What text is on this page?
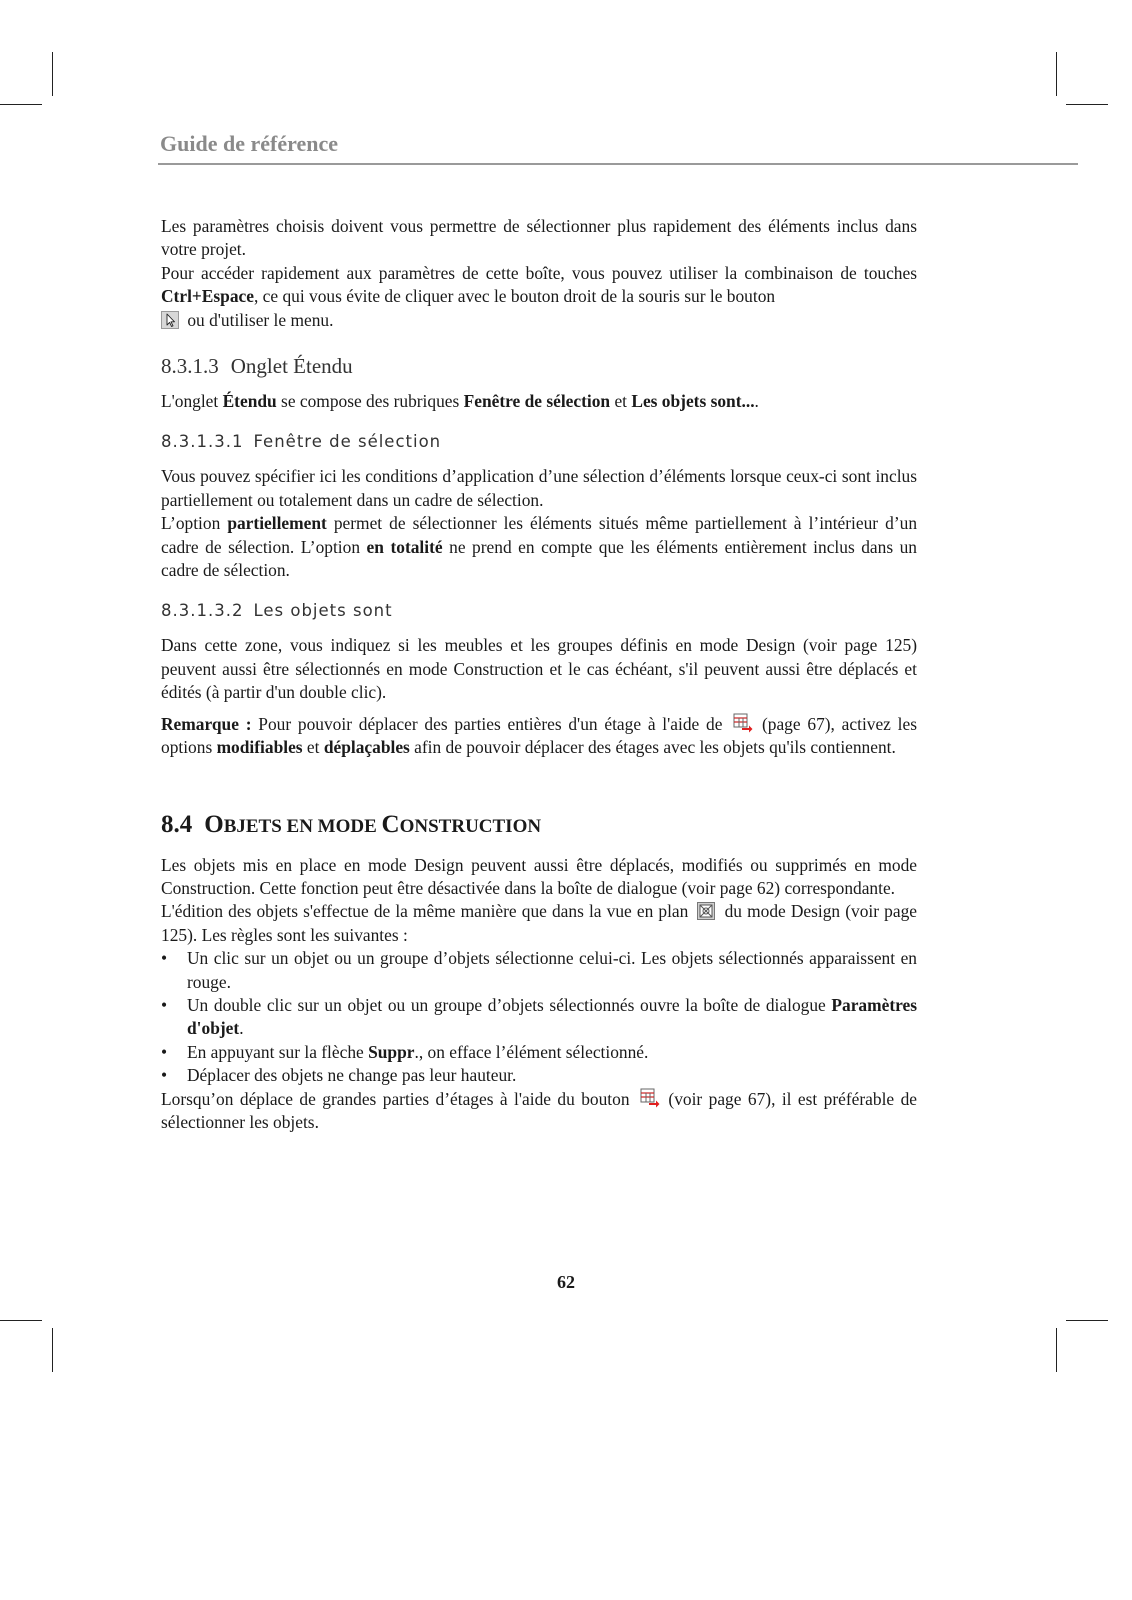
Guide de référence

Les paramètres choisis doivent vous permettre de sélectionner plus rapidement des éléments inclus dans votre projet.

Pour accéder rapidement aux paramètres de cette boîte, vous pouvez utiliser la combinaison de touches Ctrl+Espace, ce qui vous évite de cliquer avec le bouton droit de la souris sur le bouton
ou d'utiliser le menu.

8.3.1.3 Onglet Étendu

L'onglet Étendu se compose des rubriques Fenêtre de sélection et Les objets sont....

8.3.1.3.1 Fenêtre de sélection

Vous pouvez spécifier ici les conditions d’application d’une sélection d’éléments lorsque ceux-ci sont inclus partiellement ou totalement dans un cadre de sélection.

L’option partiellement permet de sélectionner les éléments situés même partiellement à l’intérieur d’un cadre de sélection. L’option en totalité ne prend en compte que les éléments entièrement inclus dans un cadre de sélection.

8.3.1.3.2 Les objets sont

Dans cette zone, vous indiquez si les meubles et les groupes définis en mode Design (voir page 125) peuvent aussi être sélectionnés en mode Construction et le cas échéant, s'il peuvent aussi être déplacés et édités (à partir d'un double clic).

Remarque : Pour pouvoir déplacer des parties entières d'un étage à l'aide de  (page 67), activez les options modifiables et déplaçables afin de pouvoir déplacer des étages avec les objets qu'ils contiennent.

8.4 OBJETS EN MODE CONSTRUCTION

Les objets mis en place en mode Design peuvent aussi être déplacés, modifiés ou supprimés en mode Construction. Cette fonction peut être désactivée dans la boîte de dialogue (voir page 62) correspondante.

L'édition des objets s'effectue de la même manière que dans la vue en plan  du mode Design (voir page 125). Les règles sont les suivantes :

• Un clic sur un objet ou un groupe d’objets sélectionne celui-ci. Les objets sélectionnés apparaissent en rouge.
• Un double clic sur un objet ou un groupe d’objets sélectionnés ouvre la boîte de dialogue Paramètres d'objet.
• En appuyant sur la flèche Suppr., on efface l’élément sélectionné.
• Déplacer des objets ne change pas leur hauteur.

Lorsqu’on déplace de grandes parties d’étages à l'aide du bouton  (voir page 67), il est préférable de sélectionner les objets.

62
